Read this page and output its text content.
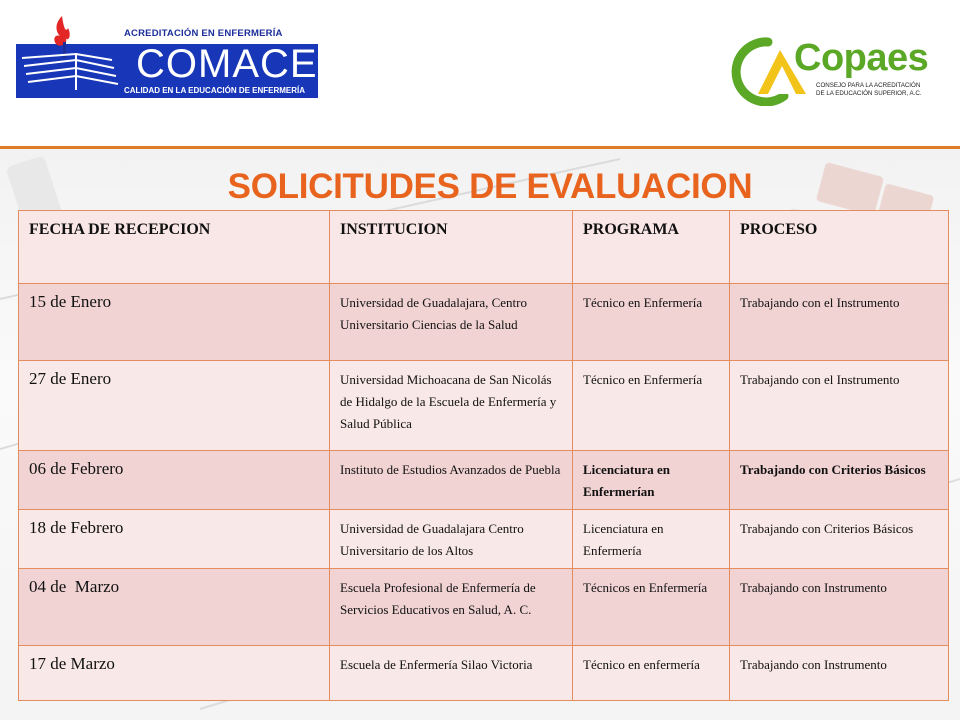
ACREDITACIÓN EN ENFERMERÍA
COMACE
CALIDAD EN LA EDUCACIÓN DE ENFERMERÍA
Copaes
CONSEJO PARA LA ACREDITACIÓN
DE LA EDUCACIÓN SUPERIOR, A.C.
SOLICITUDES DE EVALUACION
FECHA DE RECEPCION	INSTITUCION	PROGRAMA	PROCESO
15 de Enero	Universidad de Guadalajara, Centro Universitario Ciencias de la Salud	Técnico en Enfermería	Trabajando con el Instrumento
27 de Enero	Universidad Michoacana de San Nicolás de Hidalgo de la Escuela de Enfermería y Salud Pública	Técnico en Enfermería	Trabajando con el Instrumento
06 de Febrero	Instituto de Estudios Avanzados de Puebla	Licenciatura en Enfermerían	Trabajando con Criterios Básicos
18 de Febrero	Universidad de Guadalajara Centro Universitario de los Altos	Licenciatura en Enfermería	Trabajando con Criterios Básicos
04 de  Marzo	Escuela Profesional de Enfermería de Servicios Educativos en Salud, A. C.	Técnicos en Enfermería	Trabajando con Instrumento
17 de Marzo	Escuela de Enfermería Silao Victoria	Técnico en enfermería	Trabajando con Instrumento
